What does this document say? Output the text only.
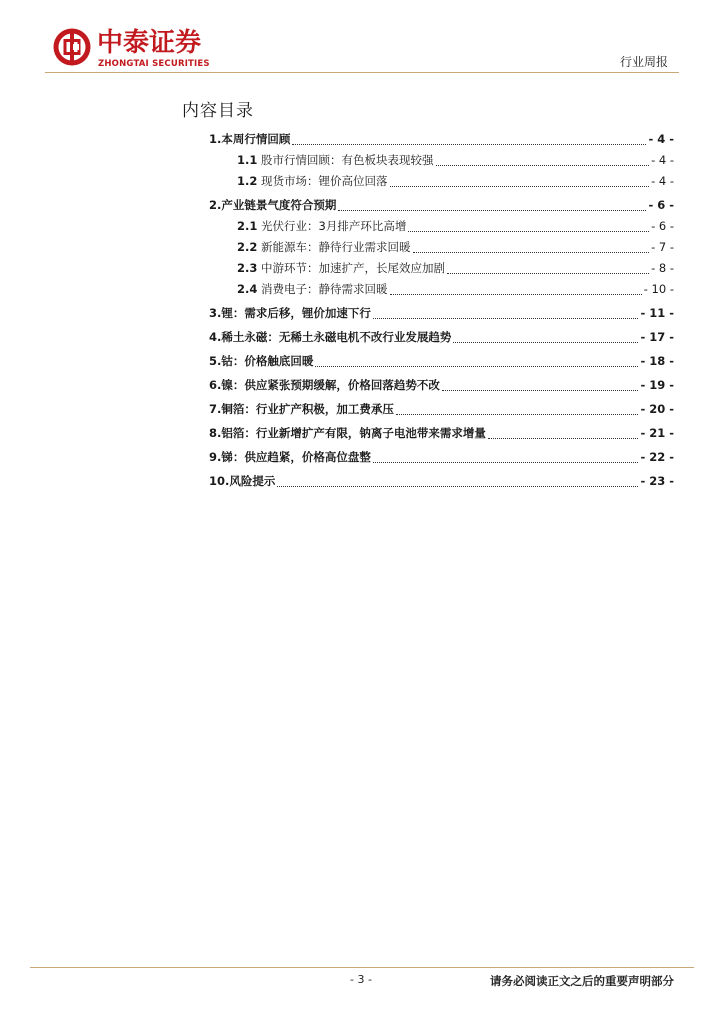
中泰证券
ZHONGTAI SECURITIES	行业周报
内容目录
1.本周行情回顾	- 4 -
1.1 股市行情回顾：有色板块表现较强	- 4 -
1.2 现货市场：锂价高位回落	- 4 -
2.产业链景气度符合预期	- 6 -
2.1 光伏行业：3月排产环比高增	- 6 -
2.2 新能源车：静待行业需求回暖	- 7 -
2.3 中游环节：加速扩产，长尾效应加剧	- 8 -
2.4 消费电子：静待需求回暖	- 10 -
3.锂：需求后移，锂价加速下行	- 11 -
4.稀土永磁：无稀土永磁电机不改行业发展趋势	- 17 -
5.钴：价格触底回暖	- 18 -
6.镍：供应紧张预期缓解，价格回落趋势不改	- 19 -
7.铜箔：行业扩产积极，加工费承压	- 20 -
8.铝箔：行业新增扩产有限，钠离子电池带来需求增量	- 21 -
9.锑：供应趋紧，价格高位盘整	- 22 -
10.风险提示	- 23 -
- 3 -	请务必阅读正文之后的重要声明部分
